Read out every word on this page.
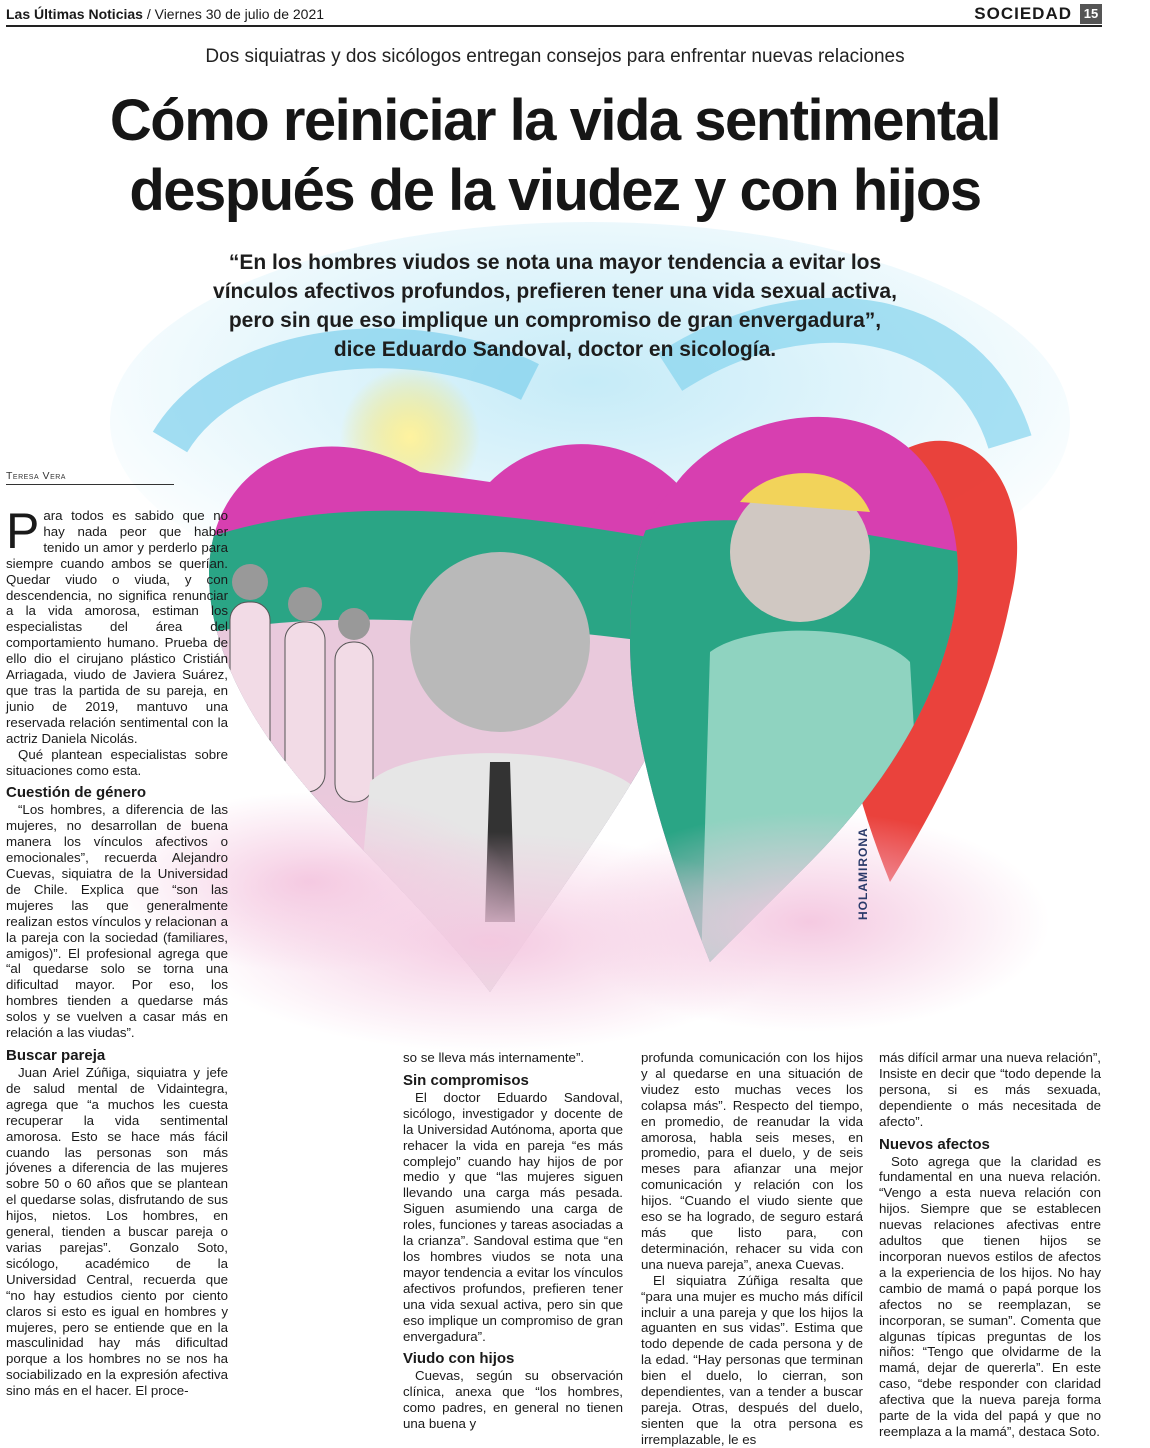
Las Últimas Noticias / Viernes 30 de julio de 2021	SOCIEDAD 15
Dos siquiatras y dos sicólogos entregan consejos para enfrentar nuevas relaciones
Cómo reiniciar la vida sentimental
después de la viudez y con hijos
“En los hombres viudos se nota una mayor tendencia a evitar los
vínculos afectivos profundos, prefieren tener una vida sexual activa,
pero sin que eso implique un compromiso de gran envergadura”,
dice Eduardo Sandoval, doctor en sicología.
HOLAMIRONA
Teresa Vera

Para todos es sabido que no hay nada peor que haber tenido un amor y perderlo para siempre cuando ambos se querían. Quedar viudo o viuda, y con descendencia, no significa renunciar a la vida amorosa, estiman los especialistas del área del comportamiento humano. Prueba de ello dio el cirujano plástico Cristián Arriagada, viudo de Javiera Suárez, que tras la partida de su pareja, en junio de 2019, mantuvo una reservada relación sentimental con la actriz Daniela Nicolás.

Qué plantean especialistas sobre situaciones como esta.

Cuestión de género

“Los hombres, a diferencia de las mujeres, no desarrollan de buena manera los vínculos afectivos o emocionales”, recuerda Alejandro Cuevas, siquiatra de la Universidad de Chile. Explica que “son las mujeres las que generalmente realizan estos vínculos y relacionan a la pareja con la sociedad (familiares, amigos)”. El profesional agrega que “al quedarse solo se torna una dificultad mayor. Por eso, los hombres tienden a quedarse más solos y se vuelven a casar más en relación a las viudas”.

Buscar pareja

Juan Ariel Zúñiga, siquiatra y jefe de salud mental de Vidaintegra, agrega que “a muchos les cuesta recuperar la vida sentimental amorosa. Esto se hace más fácil cuando las personas son más jóvenes a diferencia de las mujeres sobre 50 o 60 años que se plantean el quedarse solas, disfrutando de sus hijos, nietos. Los hombres, en general, tienden a buscar pareja o varias parejas”. Gonzalo Soto, sicólogo, académico de la Universidad Central, recuerda que “no hay estudios ciento por ciento claros si esto es igual en hombres y mujeres, pero se entiende que en la masculinidad hay más dificultad porque a los hombres no se nos ha sociabilizado en la expresión afectiva sino más en el hacer. El proce-

so se lleva más internamente”.

Sin compromisos

El doctor Eduardo Sandoval, sicólogo, investigador y docente de la Universidad Autónoma, aporta que rehacer la vida en pareja “es más complejo” cuando hay hijos de por medio y que “las mujeres siguen llevando una carga más pesada. Siguen asumiendo una carga de roles, funciones y tareas asociadas a la crianza”. Sandoval estima que “en los hombres viudos se nota una mayor tendencia a evitar los vínculos afectivos profundos, prefieren tener una vida sexual activa, pero sin que eso implique un compromiso de gran envergadura”.

Viudo con hijos

Cuevas, según su observación clínica, anexa que “los hombres, como padres, en general no tienen una buena y

profunda comunicación con los hijos y al quedarse en una situación de viudez esto muchas veces los colapsa más”. Respecto del tiempo, en promedio, de reanudar la vida amorosa, habla seis meses, en promedio, para el duelo, y de seis meses para afianzar una mejor comunicación y relación con los hijos. “Cuando el viudo siente que eso se ha logrado, de seguro estará más que listo para, con determinación, rehacer su vida con una nueva pareja”, anexa Cuevas.

El siquiatra Zúñiga resalta que “para una mujer es mucho más difícil incluir a una pareja y que los hijos la aguanten en sus vidas”. Estima que todo depende de cada persona y de la edad. “Hay personas que terminan bien el duelo, lo cierran, son dependientes, van a tender a buscar pareja. Otras, después del duelo, sienten que la otra persona es irremplazable, le es

más difícil armar una nueva relación”, Insiste en decir que “todo depende la persona, si es más sexuada, dependiente o más necesitada de afecto”.

Nuevos afectos

Soto agrega que la claridad es fundamental en una nueva relación. “Vengo a esta nueva relación con hijos. Siempre que se establecen nuevas relaciones afectivas entre adultos que tienen hijos se incorporan nuevos estilos de afectos a la experiencia de los hijos. No hay cambio de mamá o papá porque los afectos no se reemplazan, se incorporan, se suman”. Comenta que algunas típicas preguntas de los niños: “Tengo que olvidarme de la mamá, dejar de quererla”. En este caso, “debe responder con claridad afectiva que la nueva pareja forma parte de la vida del papá y que no reemplaza a la mamá”, destaca Soto.
